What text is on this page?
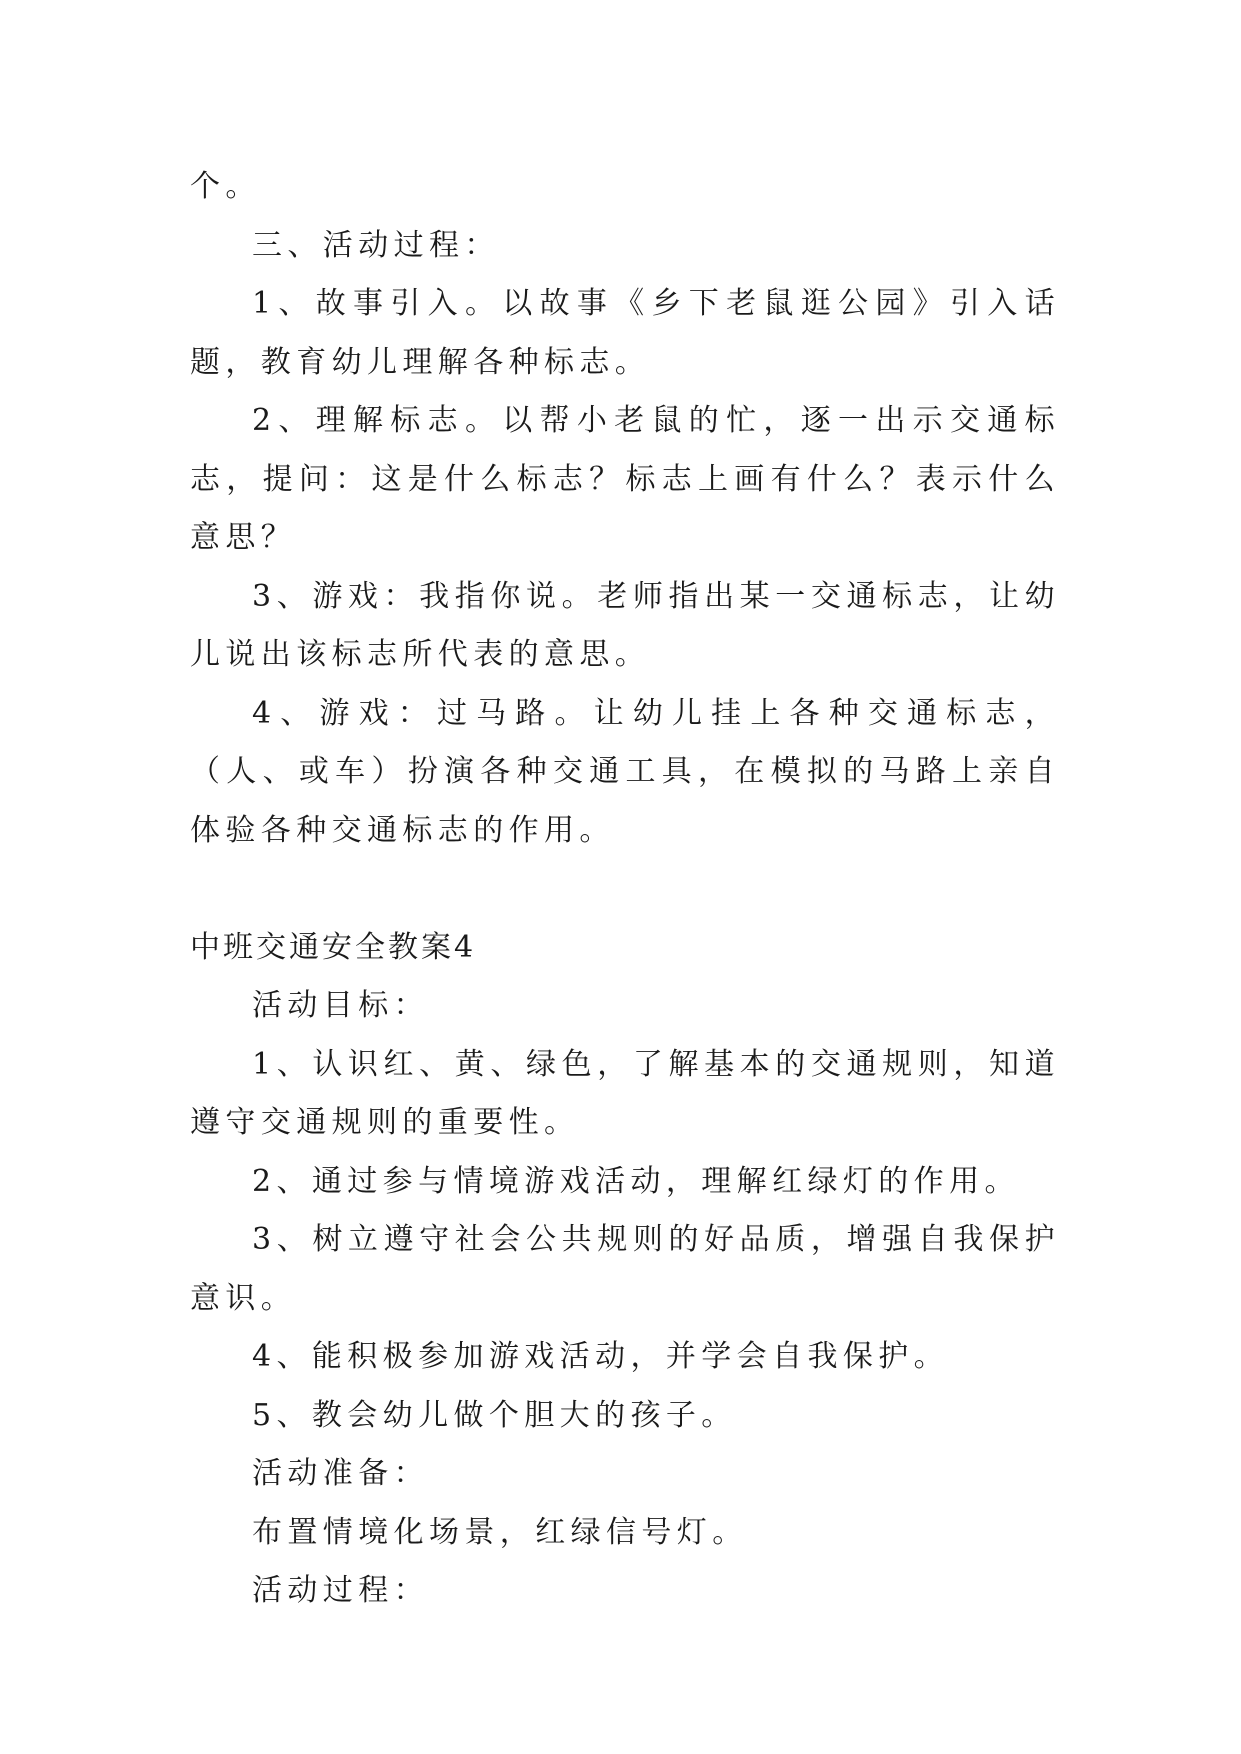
个。

三、活动过程：

1、故事引入。以故事《乡下老鼠逛公园》引入话题，教育幼儿理解各种标志。

2、理解标志。以帮小老鼠的忙，逐一出示交通标志，提问：这是什么标志？标志上画有什么？表示什么意思？

3、游戏：我指你说。老师指出某一交通标志，让幼儿说出该标志所代表的意思。

4、游戏：过马路。让幼儿挂上各种交通标志，（人、或车）扮演各种交通工具，在模拟的马路上亲自体验各种交通标志的作用。

中班交通安全教案4

活动目标：

1、认识红、黄、绿色，了解基本的交通规则，知道遵守交通规则的重要性。

2、通过参与情境游戏活动，理解红绿灯的作用。

3、树立遵守社会公共规则的好品质，增强自我保护意识。

4、能积极参加游戏活动，并学会自我保护。

5、教会幼儿做个胆大的孩子。

活动准备：

布置情境化场景，红绿信号灯。

活动过程：
